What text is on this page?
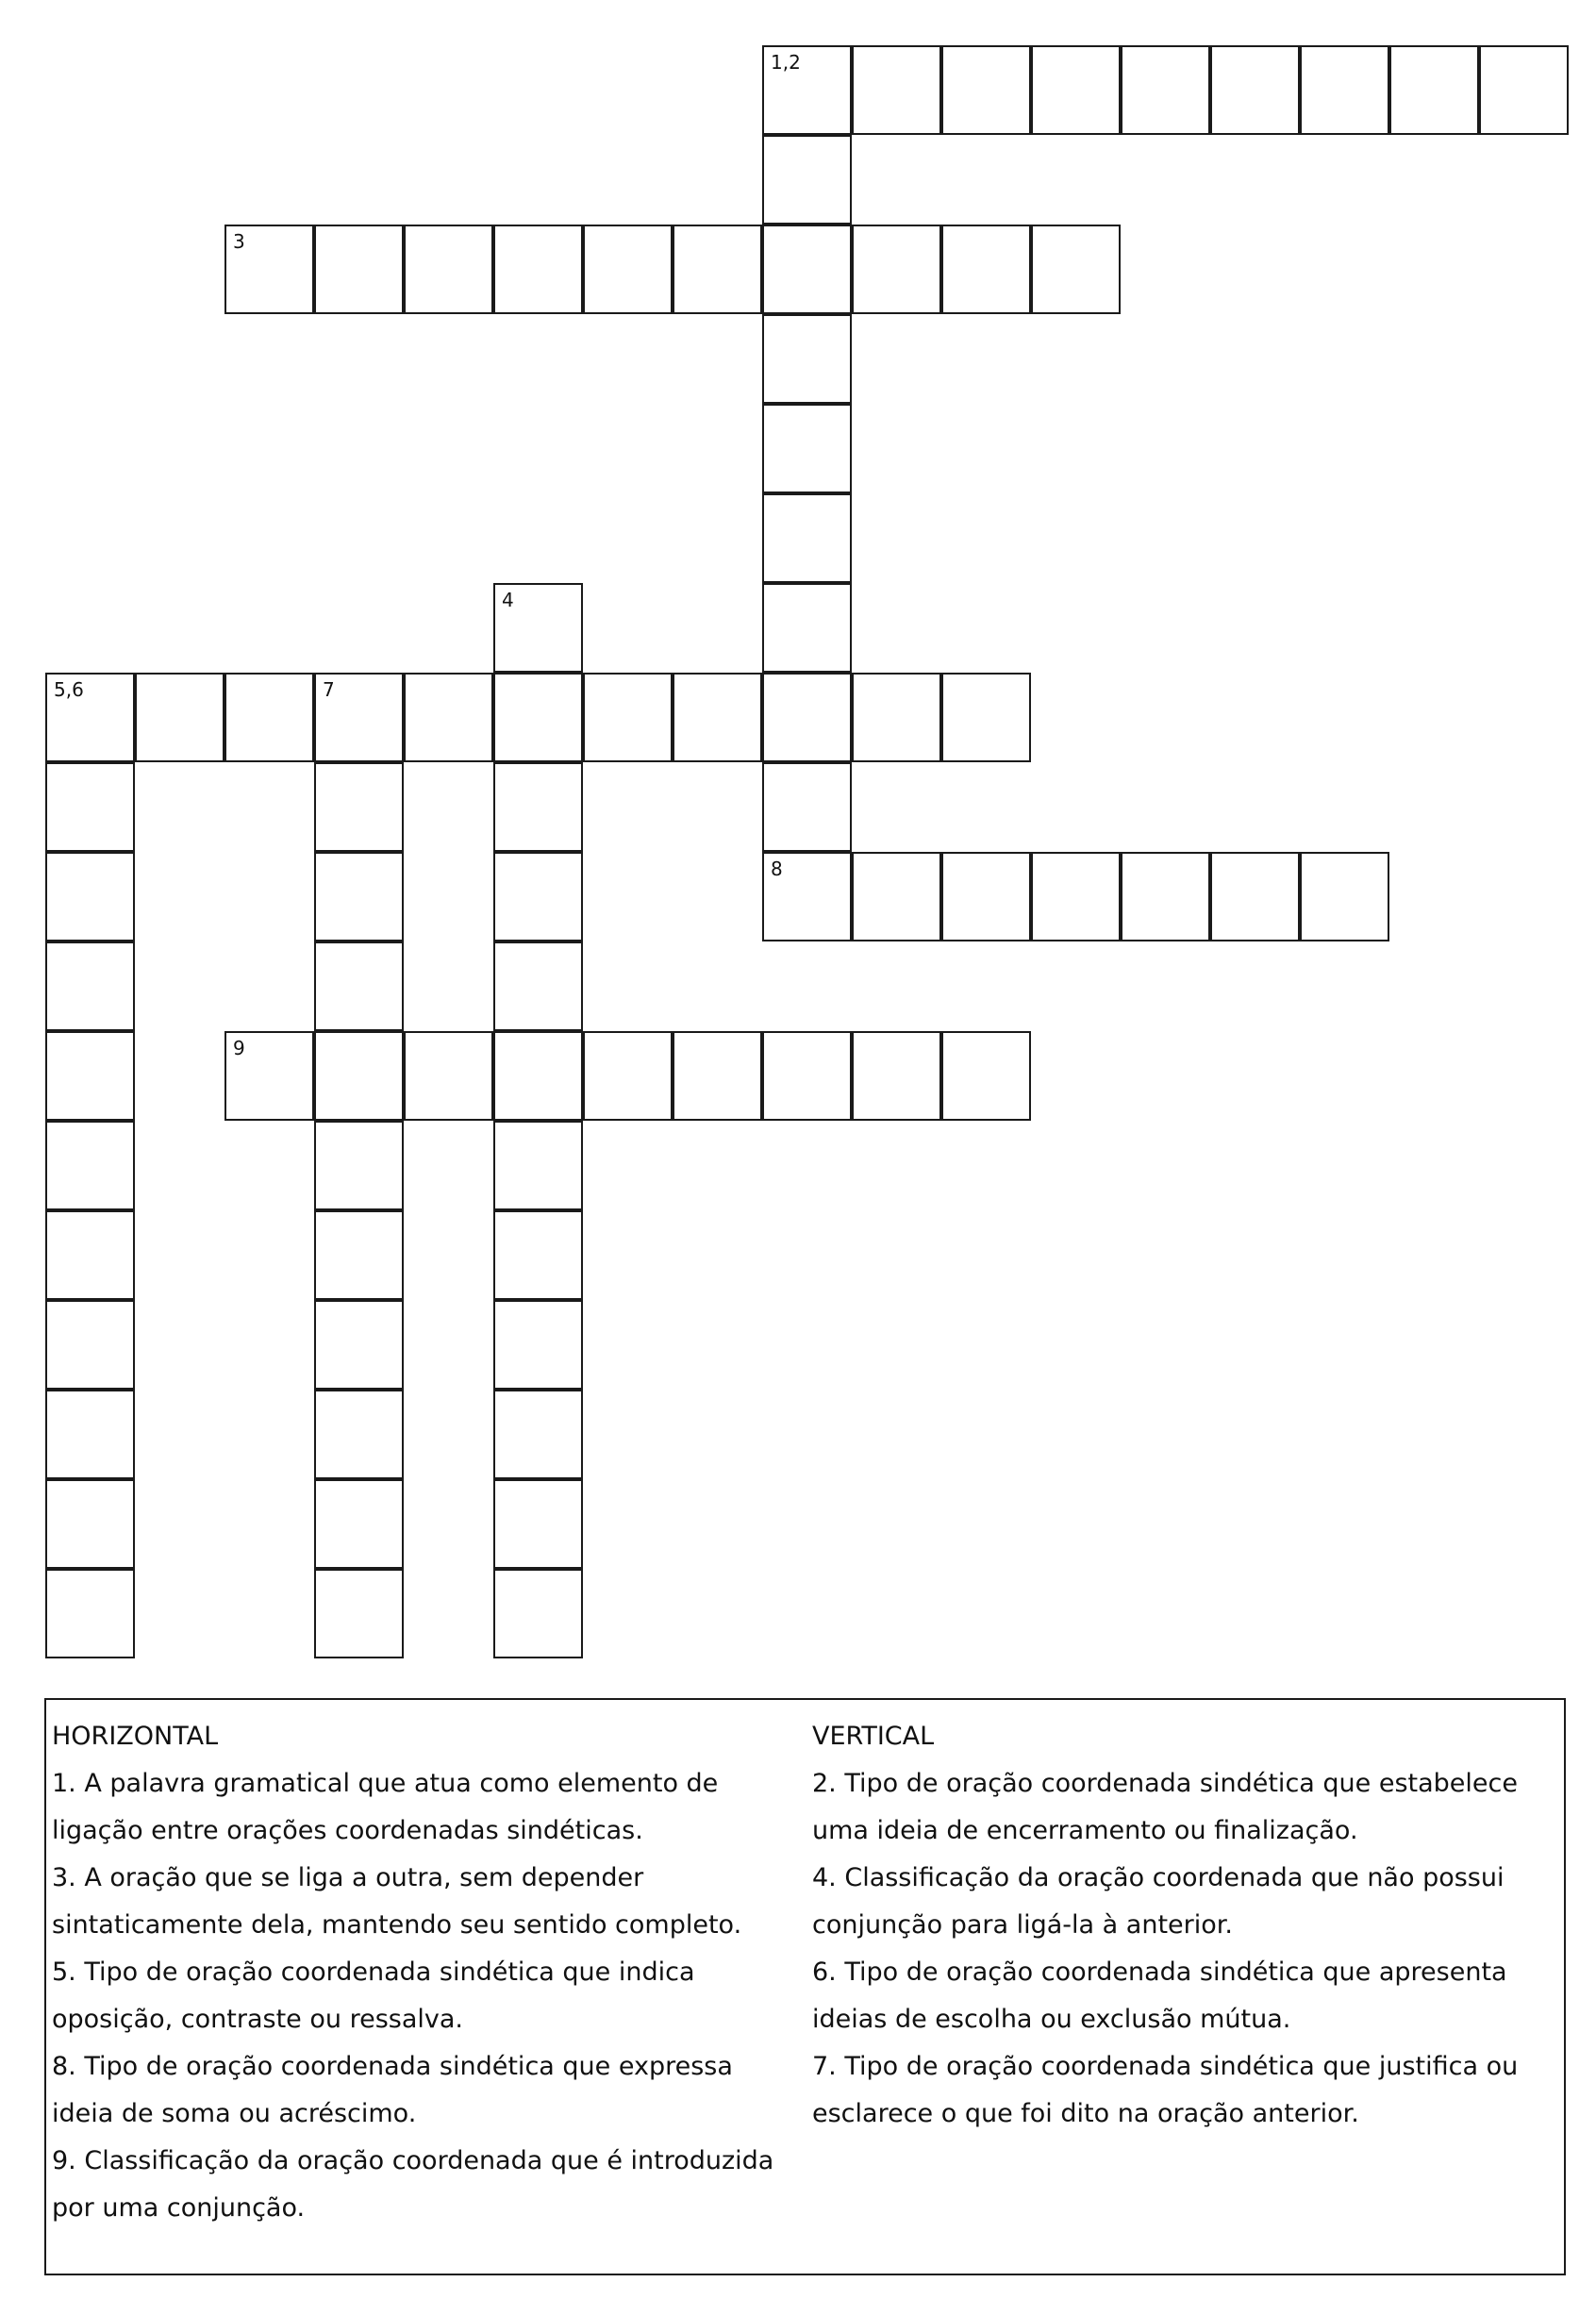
1,2
3
4
5,6	7
8
9

HORIZONTAL

1. A palavra gramatical que atua como elemento de
ligação entre orações coordenadas sindéticas.

3. A oração que se liga a outra, sem depender
sintaticamente dela, mantendo seu sentido completo.

5. Tipo de oração coordenada sindética que indica
oposição, contraste ou ressalva.

8. Tipo de oração coordenada sindética que expressa
ideia de soma ou acréscimo.

9. Classificação da oração coordenada que é introduzida
por uma conjunção.

VERTICAL

2. Tipo de oração coordenada sindética que estabelece
uma ideia de encerramento ou finalização.

4. Classificação da oração coordenada que não possui
conjunção para ligá-la à anterior.

6. Tipo de oração coordenada sindética que apresenta
ideias de escolha ou exclusão mútua.

7. Tipo de oração coordenada sindética que justifica ou
esclarece o que foi dito na oração anterior.
